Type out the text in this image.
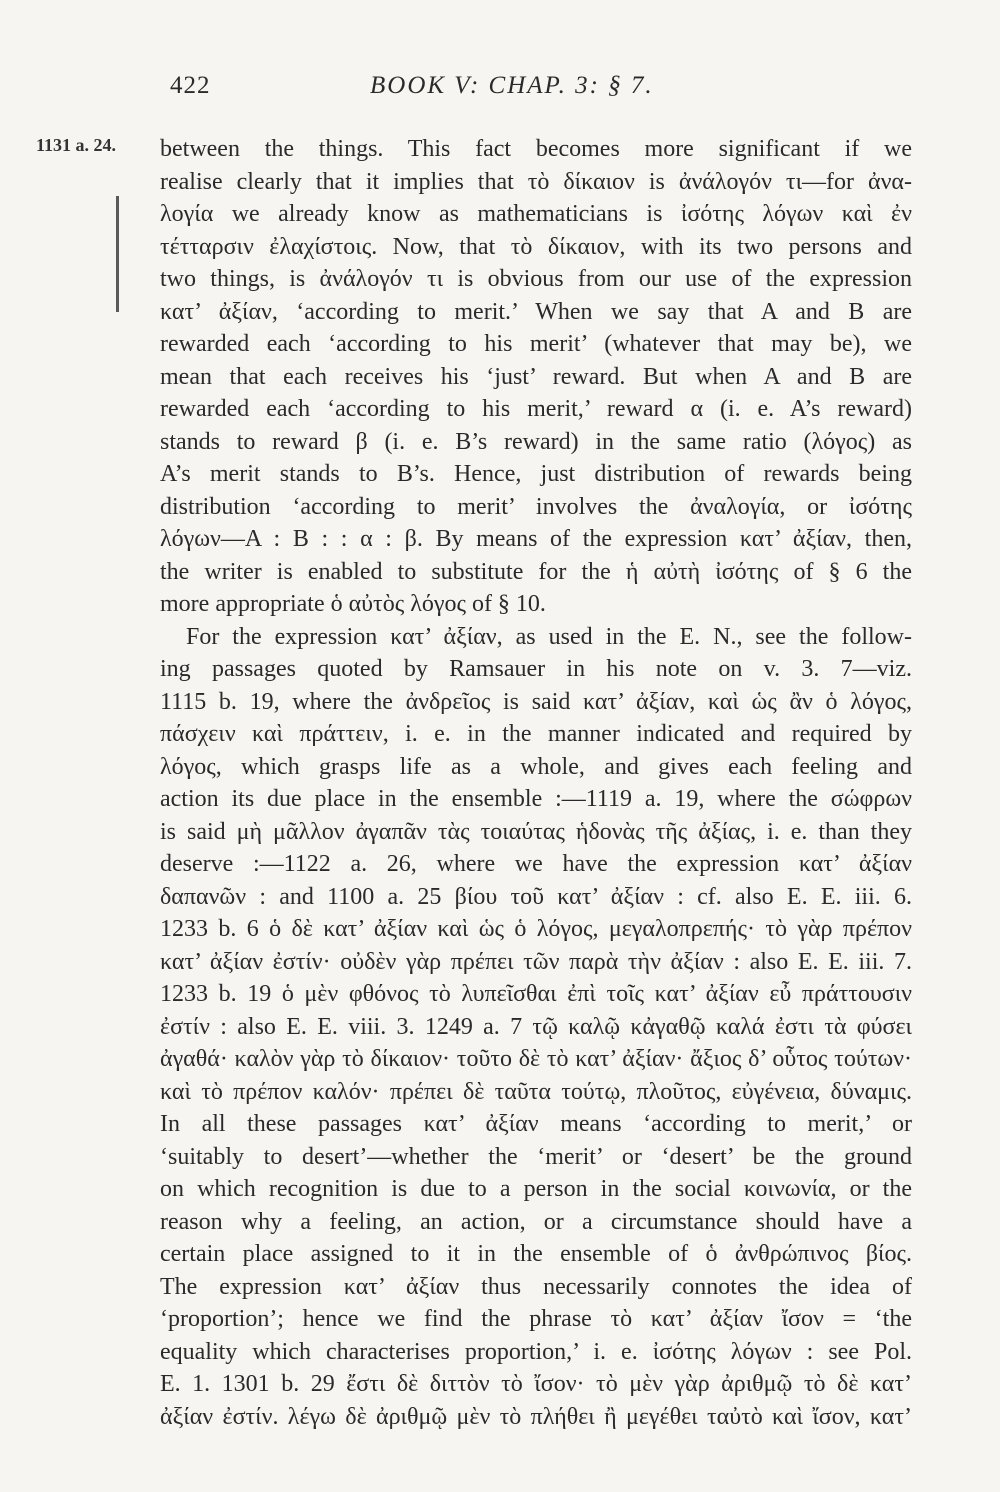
422	BOOK V: CHAP. 3: § 7.
1131 a. 24. between the things. This fact becomes more significant if we
realise clearly that it implies that τὸ δίκαιον is ἀνάλογόν τι—for ἀνα-
λογία we already know as mathematicians is ἰσότης λόγων καὶ ἐν
τέτταρσιν ἐλαχίστοις. Now, that τὸ δίκαιον, with its two persons and
two things, is ἀνάλογόν τι is obvious from our use of the expression
κατ’ ἀξίαν, ‘according to merit.’ When we say that A and B are
rewarded each ‘according to his merit’ (whatever that may be), we
mean that each receives his ‘just’ reward. But when A and B are
rewarded each ‘according to his merit,’ reward α (i. e. A’s reward)
stands to reward β (i. e. B’s reward) in the same ratio (λόγος) as
A’s merit stands to B’s. Hence, just distribution of rewards being
distribution ‘according to merit’ involves the ἀναλογία, or ἰσότης
λόγων—A : B : : α : β. By means of the expression κατ’ ἀξίαν, then,
the writer is enabled to substitute for the ἡ αὐτὴ ἰσότης of § 6 the
more appropriate ὁ αὐτὸς λόγος of § 10.
For the expression κατ’ ἀξίαν, as used in the E. N., see the follow-
ing passages quoted by Ramsauer in his note on v. 3. 7—viz.
1115 b. 19, where the ἀνδρεῖος is said κατ’ ἀξίαν, καὶ ὡς ἂν ὁ λόγος,
πάσχειν καὶ πράττειν, i. e. in the manner indicated and required by
λόγος, which grasps life as a whole, and gives each feeling and
action its due place in the ensemble :—1119 a. 19, where the σώφρων
is said μὴ μᾶλλον ἀγαπᾶν τὰς τοιαύτας ἡδονὰς τῆς ἀξίας, i. e. than they
deserve :—1122 a. 26, where we have the expression κατ’ ἀξίαν
δαπανῶν : and 1100 a. 25 βίου τοῦ κατ’ ἀξίαν : cf. also E. E. iii. 6.
1233 b. 6 ὁ δὲ κατ’ ἀξίαν καὶ ὡς ὁ λόγος, μεγαλοπρεπής· τὸ γὰρ πρέπον
κατ’ ἀξίαν ἐστίν· οὐδὲν γὰρ πρέπει τῶν παρὰ τὴν ἀξίαν : also E. E. iii. 7.
1233 b. 19 ὁ μὲν φθόνος τὸ λυπεῖσθαι ἐπὶ τοῖς κατ’ ἀξίαν εὖ πράττουσιν
ἐστίν : also E. E. viii. 3. 1249 a. 7 τῷ καλῷ κἀγαθῷ καλά ἐστι τὰ φύσει
ἀγαθά· καλὸν γὰρ τὸ δίκαιον· τοῦτο δὲ τὸ κατ’ ἀξίαν· ἄξιος δ’ οὗτος τούτων·
καὶ τὸ πρέπον καλόν· πρέπει δὲ ταῦτα τούτῳ, πλοῦτος, εὐγένεια, δύναμις.
In all these passages κατ’ ἀξίαν means ‘according to merit,’ or
‘suitably to desert’—whether the ‘merit’ or ‘desert’ be the ground
on which recognition is due to a person in the social κοινωνία, or the
reason why a feeling, an action, or a circumstance should have a
certain place assigned to it in the ensemble of ὁ ἀνθρώπινος βίος.
The expression κατ’ ἀξίαν thus necessarily connotes the idea of
‘proportion’; hence we find the phrase τὸ κατ’ ἀξίαν ἴσον = ‘the
equality which characterises proportion,’ i. e. ἰσότης λόγων : see Pol.
E. 1. 1301 b. 29 ἔστι δὲ διττὸν τὸ ἴσον· τὸ μὲν γὰρ ἀριθμῷ τὸ δὲ κατ’
ἀξίαν ἐστίν. λέγω δὲ ἀριθμῷ μὲν τὸ πλήθει ἢ μεγέθει ταὐτὸ καὶ ἴσον, κατ’
